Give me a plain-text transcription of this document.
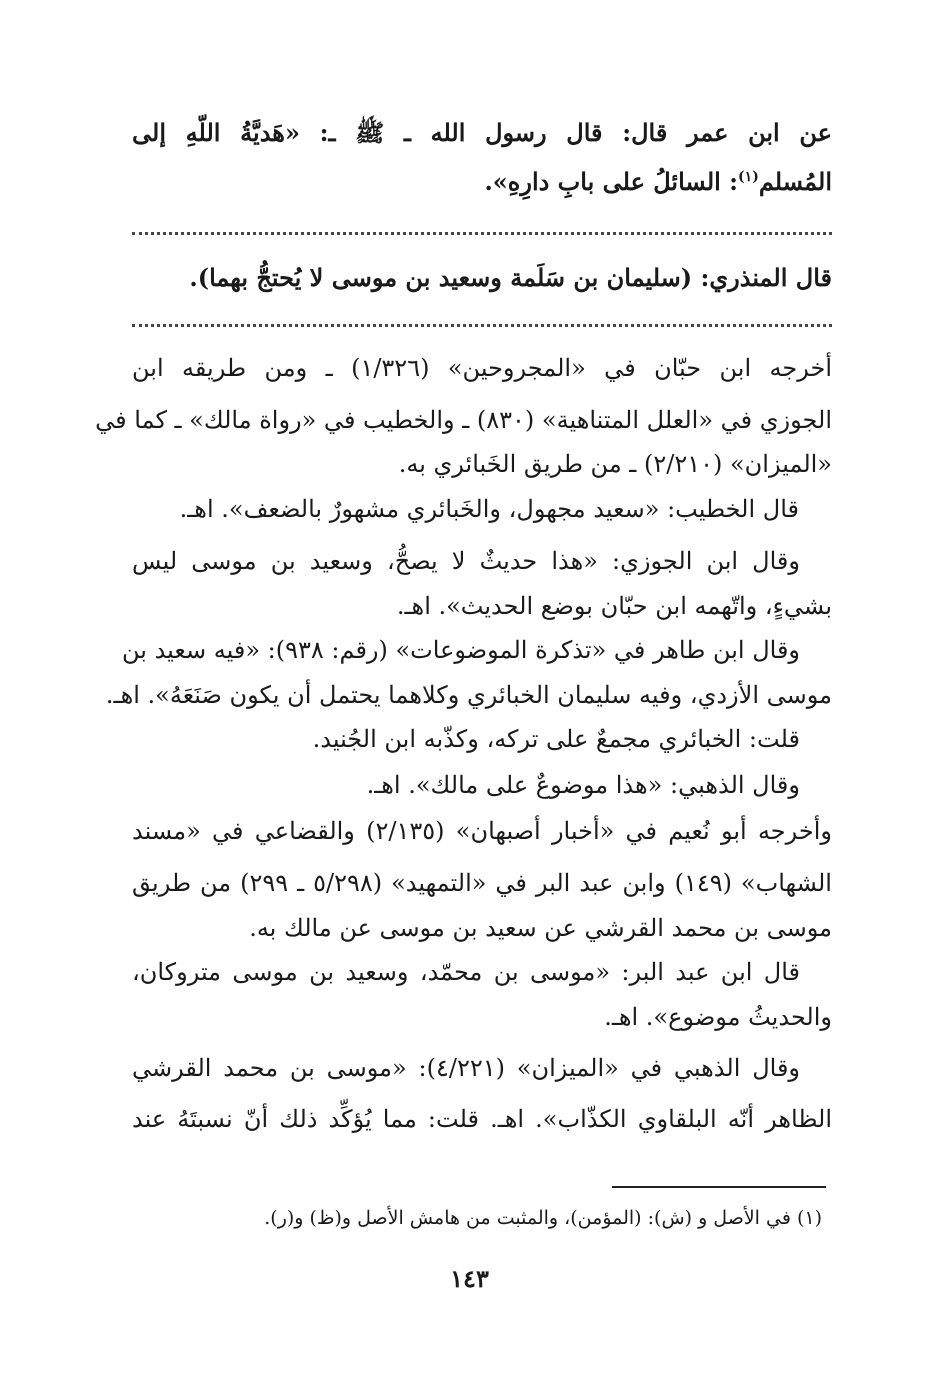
عن ابن عمر قال: قال رسول الله ـ ﷺ ـ: «هَديَّةُ اللّهِ إلى
المُسلم$^{(١)}$: السائلُ على بابِ دارِهِ».
قال المنذري: (سليمان بن سَلَمة وسعيد بن موسى لا يُحتجُّ بهما).
أخرجه ابن حبّان في «المجروحين» (١/٣٢٦) ـ ومن طريقه ابن
الجوزي في «العلل المتناهية» (٨٣٠) ـ والخطيب في «رواة مالك» ـ كما في
«الميزان» (٢/٢١٠) ـ من طريق الخَبائري به.
قال الخطيب: «سعيد مجهول، والخَبائري مشهورٌ بالضعف». اهـ.
وقال ابن الجوزي: «هذا حديثٌ لا يصحُّ، وسعيد بن موسى ليس
بشيءٍ، واتّهمه ابن حبّان بوضع الحديث». اهـ.
وقال ابن طاهر في «تذكرة الموضوعات» (رقم: ٩٣٨): «فيه سعيد بن
موسى الأزدي، وفيه سليمان الخبائري وكلاهما يحتمل أن يكون صَنَعَهُ». اهـ.
قلت: الخبائري مجمعٌ على تركه، وكذّبه ابن الجُنيد.
وقال الذهبي: «هذا موضوعٌ على مالك». اهـ.
وأخرجه أبو نُعيم في «أخبار أصبهان» (٢/١٣٥) والقضاعي في «مسند
الشهاب» (١٤٩) وابن عبد البر في «التمهيد» (٥/٢٩٨ ـ ٢٩٩) من طريق
موسى بن محمد القرشي عن سعيد بن موسى عن مالك به.
قال ابن عبد البر: «موسى بن محمّد، وسعيد بن موسى متروكان،
والحديثُ موضوع». اهـ.
وقال الذهبي في «الميزان» (٤/٢٢١): «موسى بن محمد القرشي
الظاهر أنّه البلقاوي الكذّاب». اهـ. قلت: مما يُؤكِّد ذلك أنّ نسبتَهُ عند
(١) في الأصل و (ش): (المؤمن)، والمثبت من هامش الأصل و(ظ) و(ر).
١٤٣
